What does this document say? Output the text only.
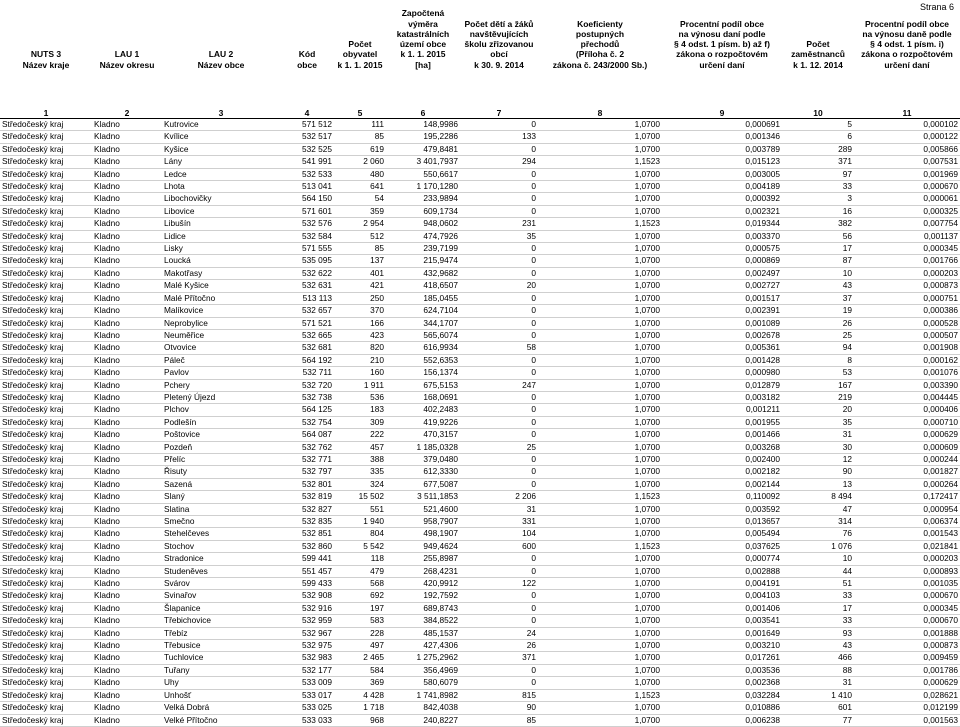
Strana 6
NUTS 3
Název kraje	LAU 1
Název okresu	LAU 2
Název obce	Kód
obce	Počet
obyvatel
k 1. 1. 2015	Započtená výměra
katastrálních
území obce
k 1. 1. 2015
[ha]	Počet dětí a žáků
navštěvujících
školu zřizovanou
obcí
k 30. 9. 2014	Koeficienty
postupných
přechodů
(Příloha č. 2
zákona č. 243/2000 Sb.)	Procentní podíl obce
na výnosu daní podle
§ 4 odst. 1 písm. b) až f)
zákona o rozpočtovém
určení daní	Počet
zaměstnanců
k 1. 12. 2014	Procentní podíl obce
na výnosu daně podle
§ 4 odst. 1 písm. i)
zákona o rozpočtovém
určení daní

1	2	3	4	5	6	7	8	9	10	11
Středočeský kraj	Kladno	Kutrovice	571 512	111	148,9986	0	1,0700	0,000691	5	0,000102
Středočeský kraj	Kladno	Kvílice	532 517	85	195,2286	133	1,0700	0,001346	6	0,000122
Středočeský kraj	Kladno	Kyšice	532 525	619	479,8481	0	1,0700	0,003789	289	0,005866
Středočeský kraj	Kladno	Lány	541 991	2 060	3 401,7937	294	1,1523	0,015123	371	0,007531
Středočeský kraj	Kladno	Ledce	532 533	480	550,6617	0	1,0700	0,003005	97	0,001969
Středočeský kraj	Kladno	Lhota	513 041	641	1 170,1280	0	1,0700	0,004189	33	0,000670
Středočeský kraj	Kladno	Libochovičky	564 150	54	233,9894	0	1,0700	0,000392	3	0,000061
Středočeský kraj	Kladno	Libovice	571 601	359	609,1734	0	1,0700	0,002321	16	0,000325
Středočeský kraj	Kladno	Libušín	532 576	2 954	948,0602	231	1,1523	0,019344	382	0,007754
Středočeský kraj	Kladno	Lidice	532 584	512	474,7926	35	1,0700	0,003370	56	0,001137
Středočeský kraj	Kladno	Lisky	571 555	85	239,7199	0	1,0700	0,000575	17	0,000345
Středočeský kraj	Kladno	Loucká	535 095	137	215,9474	0	1,0700	0,000869	87	0,001766
Středočeský kraj	Kladno	Makotřasy	532 622	401	432,9682	0	1,0700	0,002497	10	0,000203
Středočeský kraj	Kladno	Malé Kyšice	532 631	421	418,6507	20	1,0700	0,002727	43	0,000873
Středočeský kraj	Kladno	Malé Přítočno	513 113	250	185,0455	0	1,0700	0,001517	37	0,000751
Středočeský kraj	Kladno	Malíkovice	532 657	370	624,7104	0	1,0700	0,002391	19	0,000386
Středočeský kraj	Kladno	Neprobylice	571 521	166	344,1707	0	1,0700	0,001089	26	0,000528
Středočeský kraj	Kladno	Neuměřice	532 665	423	565,6074	0	1,0700	0,002678	25	0,000507
Středočeský kraj	Kladno	Otvovice	532 681	820	616,9934	58	1,0700	0,005361	94	0,001908
Středočeský kraj	Kladno	Páleč	564 192	210	552,6353	0	1,0700	0,001428	8	0,000162
Středočeský kraj	Kladno	Pavlov	532 711	160	156,1374	0	1,0700	0,000980	53	0,001076
Středočeský kraj	Kladno	Pchery	532 720	1 911	675,5153	247	1,0700	0,012879	167	0,003390
Středočeský kraj	Kladno	Pletený Újezd	532 738	536	168,0691	0	1,0700	0,003182	219	0,004445
Středočeský kraj	Kladno	Plchov	564 125	183	402,2483	0	1,0700	0,001211	20	0,000406
Středočeský kraj	Kladno	Podlešín	532 754	309	419,9226	0	1,0700	0,001955	35	0,000710
Středočeský kraj	Kladno	Poštovice	564 087	222	470,3157	0	1,0700	0,001466	31	0,000629
Středočeský kraj	Kladno	Pozdeň	532 762	457	1 185,0328	25	1,0700	0,003268	30	0,000609
Středočeský kraj	Kladno	Přelíc	532 771	388	379,0480	0	1,0700	0,002400	12	0,000244
Středočeský kraj	Kladno	Řisuty	532 797	335	612,3330	0	1,0700	0,002182	90	0,001827
Středočeský kraj	Kladno	Sazená	532 801	324	677,5087	0	1,0700	0,002144	13	0,000264
Středočeský kraj	Kladno	Slaný	532 819	15 502	3 511,1853	2 206	1,1523	0,110092	8 494	0,172417
Středočeský kraj	Kladno	Slatina	532 827	551	521,4600	31	1,0700	0,003592	47	0,000954
Středočeský kraj	Kladno	Smečno	532 835	1 940	958,7907	331	1,0700	0,013657	314	0,006374
Středočeský kraj	Kladno	Stehelčeves	532 851	804	498,1907	104	1,0700	0,005494	76	0,001543
Středočeský kraj	Kladno	Stochov	532 860	5 542	949,4624	600	1,1523	0,037625	1 076	0,021841
Středočeský kraj	Kladno	Stradonice	599 441	118	255,8987	0	1,0700	0,000774	10	0,000203
Středočeský kraj	Kladno	Studeněves	551 457	479	268,4231	0	1,0700	0,002888	44	0,000893
Středočeský kraj	Kladno	Svárov	599 433	568	420,9912	122	1,0700	0,004191	51	0,001035
Středočeský kraj	Kladno	Svinařov	532 908	692	192,7592	0	1,0700	0,004103	33	0,000670
Středočeský kraj	Kladno	Šlapanice	532 916	197	689,8743	0	1,0700	0,001406	17	0,000345
Středočeský kraj	Kladno	Třebichovice	532 959	583	384,8522	0	1,0700	0,003541	33	0,000670
Středočeský kraj	Kladno	Třebíz	532 967	228	485,1537	24	1,0700	0,001649	93	0,001888
Středočeský kraj	Kladno	Třebusice	532 975	497	427,4306	26	1,0700	0,003210	43	0,000873
Středočeský kraj	Kladno	Tuchlovice	532 983	2 465	1 275,2962	371	1,0700	0,017261	466	0,009459
Středočeský kraj	Kladno	Tuřany	532 177	584	356,4969	0	1,0700	0,003536	88	0,001786
Středočeský kraj	Kladno	Uhy	533 009	369	580,6079	0	1,0700	0,002368	31	0,000629
Středočeský kraj	Kladno	Unhošť	533 017	4 428	1 741,8982	815	1,1523	0,032284	1 410	0,028621
Středočeský kraj	Kladno	Velká Dobrá	533 025	1 718	842,4038	90	1,0700	0,010886	601	0,012199
Středočeský kraj	Kladno	Velké Přítočno	533 033	968	240,8227	85	1,0700	0,006238	77	0,001563
